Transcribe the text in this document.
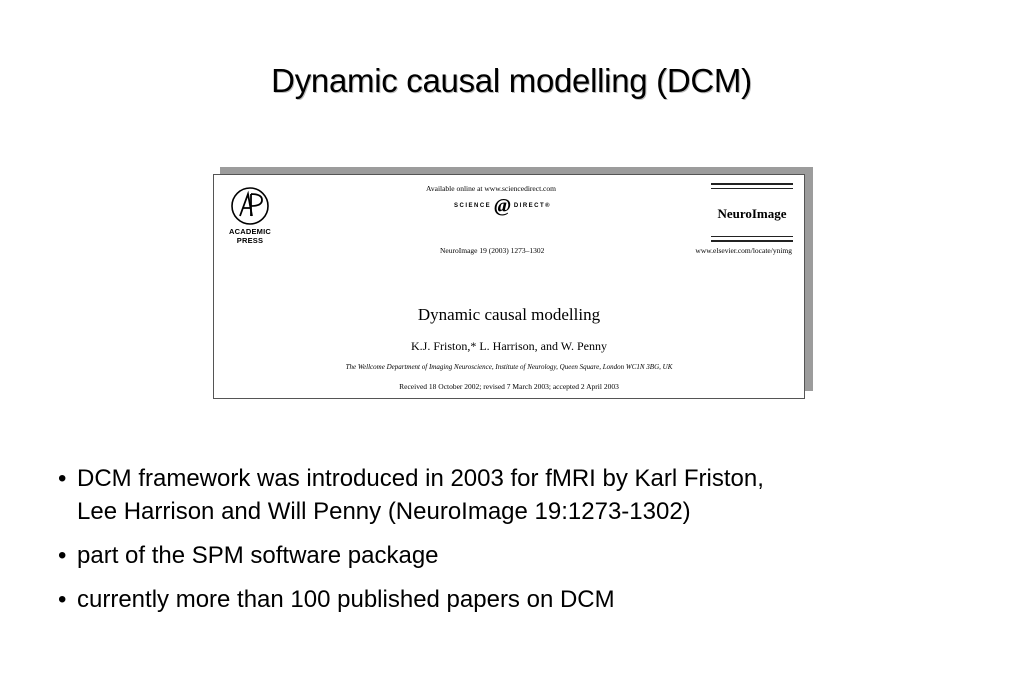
Dynamic causal modelling (DCM)
ACADEMIC
PRESS
Available online at www.sciencedirect.com
SCIENCE @ DIRECT®
NeuroImage 19 (2003) 1273–1302
NeuroImage
www.elsevier.com/locate/ynimg
Dynamic causal modelling
K.J. Friston,* L. Harrison, and W. Penny
The Wellcome Department of Imaging Neuroscience, Institute of Neurology, Queen Square, London WC1N 3BG, UK
Received 18 October 2002; revised 7 March 2003; accepted 2 April 2003
• DCM framework was introduced in 2003 for fMRI by Karl Friston,
Lee Harrison and Will Penny (NeuroImage 19:1273-1302)
• part of the SPM software package
• currently more than 100 published papers on DCM
